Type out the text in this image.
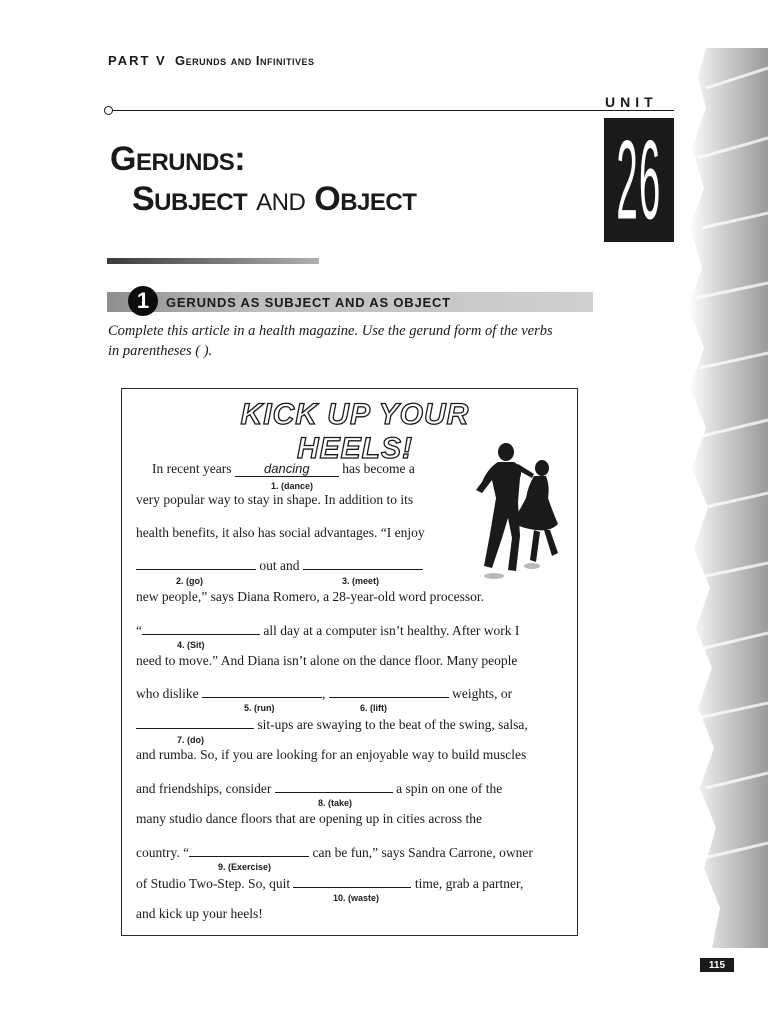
PART V Gerunds and Infinitives
UNIT
26
Gerunds:
Subject and Object
1	GERUNDS AS SUBJECT AND AS OBJECT
Complete this article in a health magazine. Use the gerund form of the verbs in parentheses ( ).
KICK UP YOUR HEELS!
In recent years	dancing has become a
1. (dance)
very popular way to stay in shape. In addition to its
health benefits, it also has social advantages. “I enjoy
out and
2. (go)	3. (meet)
new people,” says Diana Romero, a 28-year-old word processor.
“	all day at a computer isn’t healthy. After work I
4. (Sit)
need to move.” And Diana isn’t alone on the dance floor. Many people
who dislike	,	weights, or
5. (run)	6. (lift)
sit-ups are swaying to the beat of the swing, salsa,
7. (do)
and rumba. So, if you are looking for an enjoyable way to build muscles
and friendships, consider	a spin on one of the
8. (take)
many studio dance floors that are opening up in cities across the
country. “	can be fun,” says Sandra Carrone, owner
9. (Exercise)
of Studio Two-Step. So, quit	time, grab a partner,
10. (waste)
and kick up your heels!
115
